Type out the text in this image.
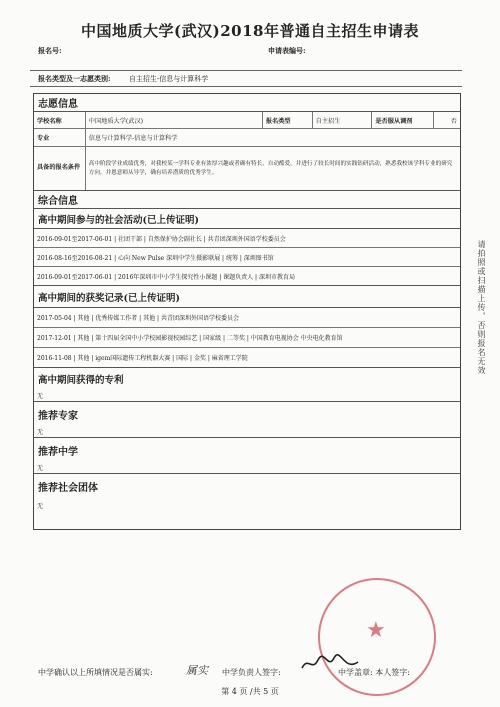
中国地质大学(武汉)2018年普通自主招生申请表
报名号:	申请表编号:
报名类型及一志愿类别:	自主招生-信息与计算科学
志愿信息
学校名称	中国地质大学(武汉)	报名类型	自主招生	是否服从调剂	否
专业	信息与计算科学-信息与计算科学
具备的报名条件	高中阶段学业成绩优秀，对我校某一学科专业有浓厚兴趣或者确有特长，自动酷爱，并进行了较长时间的实践钻研活动，熟悉我校该学科专业的研究方向，并恩意师从导学，确有培养潜质的优秀学生。
综合信息
高中期间参与的社会活动(已上传证明)
2016-09-01至2017-06-01 | 社团干部 | 自然保护协会副社长 | 共青团深圳外国语学校委员会
2016-08-16至2016-08-21 | 心向 New Pulse 深圳中学生摄影联展 | 统筹 | 深圳图书馆
2016-09-01至2017-06-01 | 2016年深圳市中小学生探究性小课题 | 课题负责人 | 深圳市教育局
高中期间的获奖记录(已上传证明)
2017-05-04 | 其他 | 优秀传媒工作者 | 其他 | 共青团深圳外国语学校委员会
2017-12-01 | 其他 | 第十四届全国中小学校园影视校园综艺 | 国家级 | 二等奖 | 中国教育电视协会 中央电化教育馆
2016-11-08 | 其他 | igem国际遗传工程机器大赛 | 国际 | 金奖 | 麻省理工学院
高中期间获得的专利
无
推荐专家
无
推荐中学
无
推荐社会团体
无
请拍照或扫描上传，否则报名无效
★
中学确认以上所填情况是否属实:	属实 中学负责人签字:	中学盖章: 本人签字:
第 4 页 /共 5 页
